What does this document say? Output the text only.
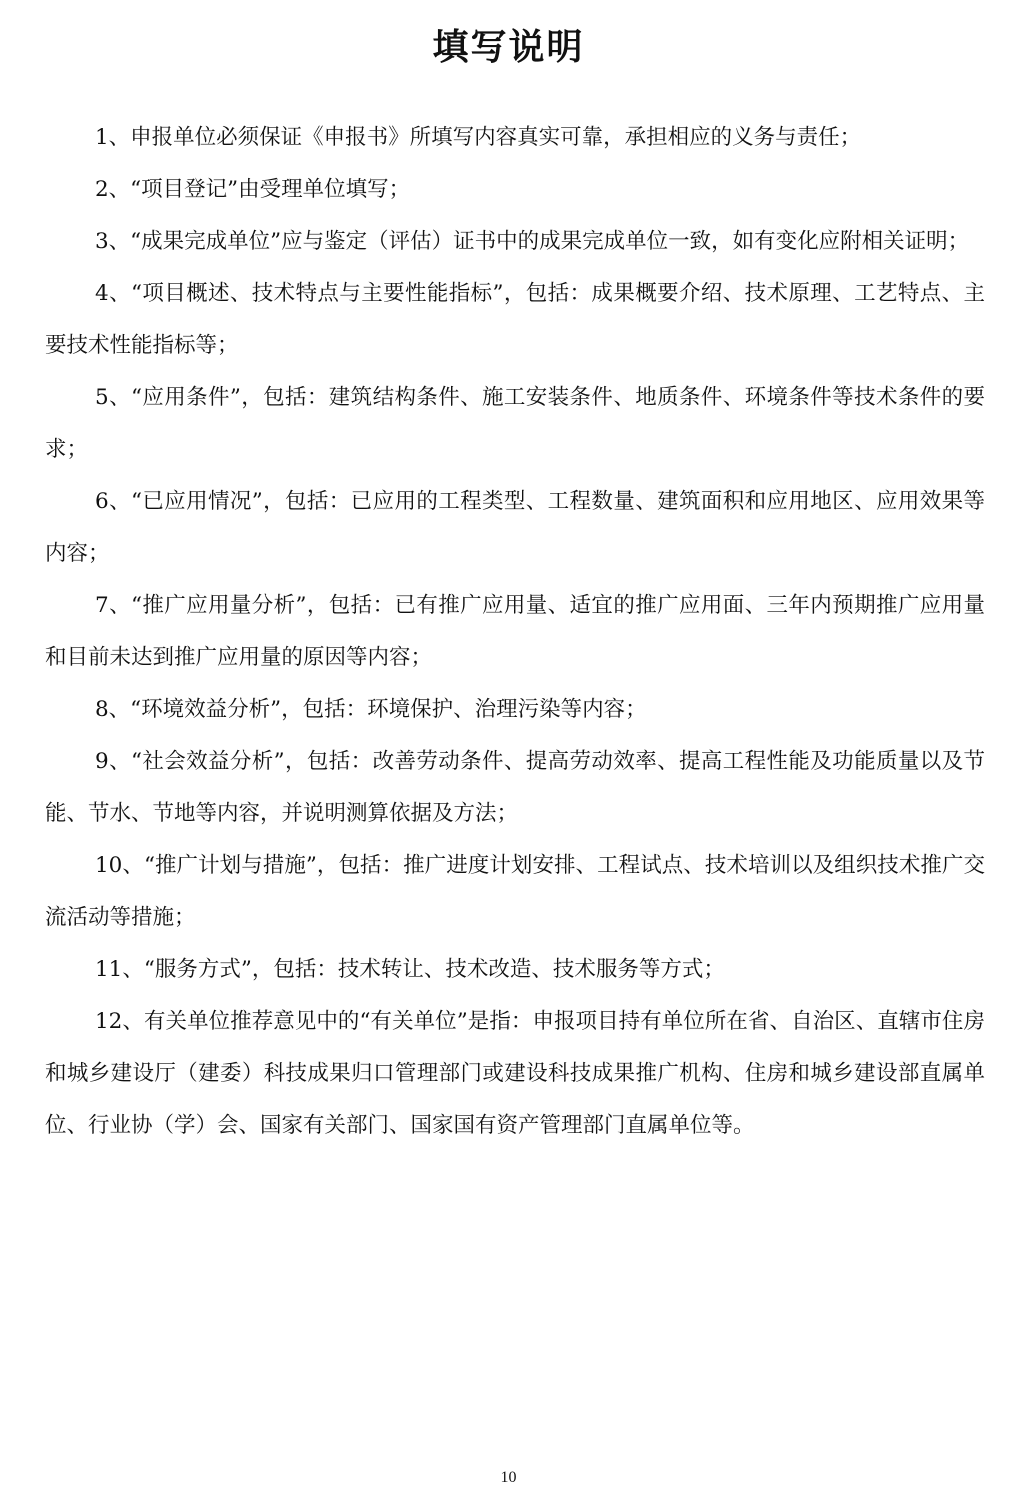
填写说明

1、申报单位必须保证《申报书》所填写内容真实可靠，承担相应的义务与责任；

2、“项目登记”由受理单位填写；

3、“成果完成单位”应与鉴定（评估）证书中的成果完成单位一致，如有变化应附相关证明；

4、“项目概述、技术特点与主要性能指标”，包括：成果概要介绍、技术原理、工艺特点、主要技术性能指标等；

5、“应用条件”，包括：建筑结构条件、施工安装条件、地质条件、环境条件等技术条件的要求；

6、“已应用情况”，包括：已应用的工程类型、工程数量、建筑面积和应用地区、应用效果等内容；

7、“推广应用量分析”，包括：已有推广应用量、适宜的推广应用面、三年内预期推广应用量和目前未达到推广应用量的原因等内容；

8、“环境效益分析”，包括：环境保护、治理污染等内容；

9、“社会效益分析”，包括：改善劳动条件、提高劳动效率、提高工程性能及功能质量以及节能、节水、节地等内容，并说明测算依据及方法；

10、“推广计划与措施”，包括：推广进度计划安排、工程试点、技术培训以及组织技术推广交流活动等措施；

11、“服务方式”，包括：技术转让、技术改造、技术服务等方式；

12、有关单位推荐意见中的“有关单位”是指：申报项目持有单位所在省、自治区、直辖市住房和城乡建设厅（建委）科技成果归口管理部门或建设科技成果推广机构、住房和城乡建设部直属单位、行业协（学）会、国家有关部门、国家国有资产管理部门直属单位等。

10
